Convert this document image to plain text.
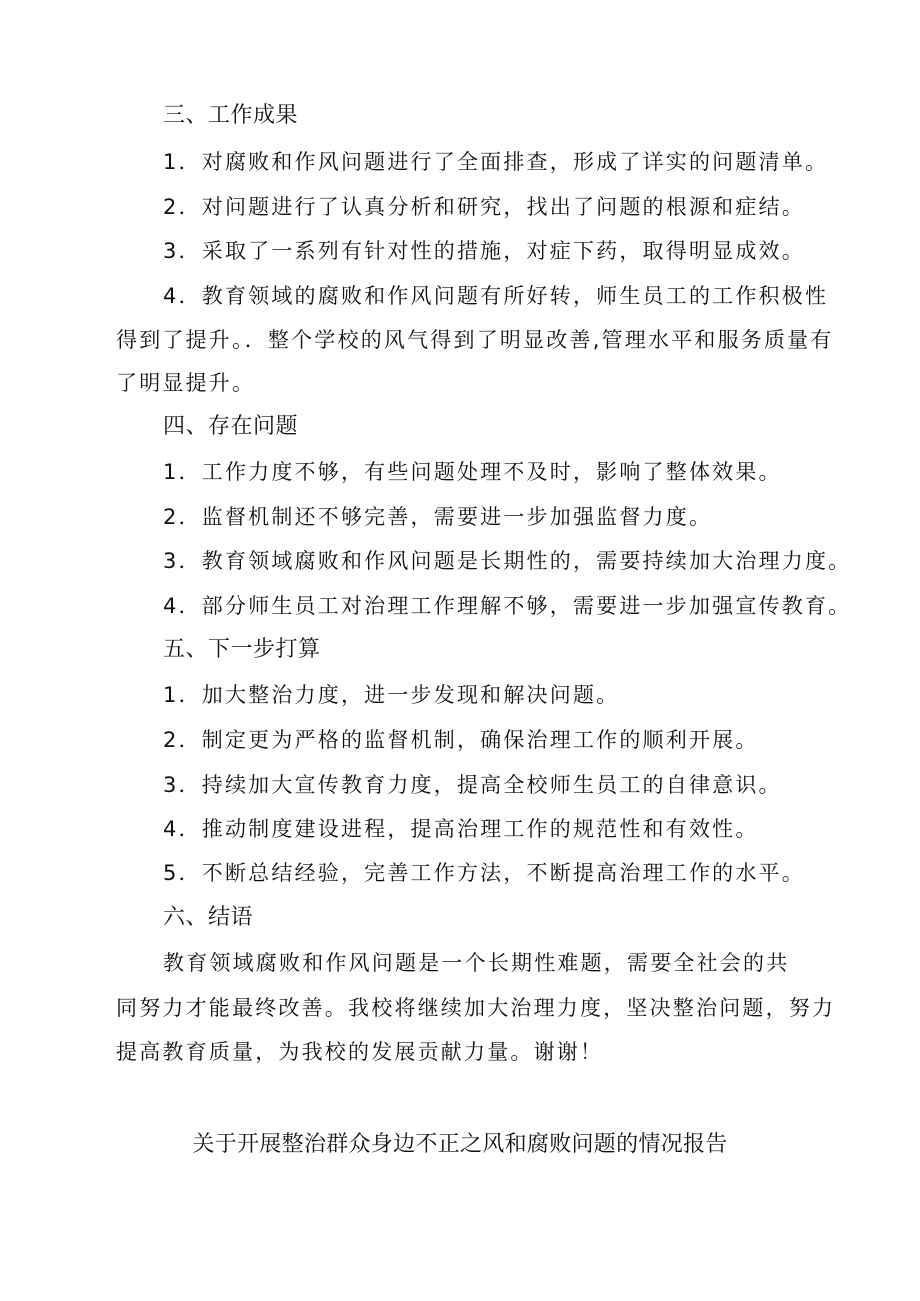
三、工作成果
1．对腐败和作风问题进行了全面排查，形成了详实的问题清单。
2．对问题进行了认真分析和研究，找出了问题的根源和症结。
3．采取了一系列有针对性的措施，对症下药，取得明显成效。
4．教育领域的腐败和作风问题有所好转，师生员工的工作积极性
得到了提升。．整个学校的风气得到了明显改善,管理水平和服务质量有
了明显提升。
四、存在问题
1．工作力度不够，有些问题处理不及时，影响了整体效果。
2．监督机制还不够完善，需要进一步加强监督力度。
3．教育领域腐败和作风问题是长期性的，需要持续加大治理力度。
4．部分师生员工对治理工作理解不够，需要进一步加强宣传教育。
五、下一步打算
1．加大整治力度，进一步发现和解决问题。
2．制定更为严格的监督机制，确保治理工作的顺利开展。
3．持续加大宣传教育力度，提高全校师生员工的自律意识。
4．推动制度建设进程，提高治理工作的规范性和有效性。
5．不断总结经验，完善工作方法，不断提高治理工作的水平。
六、结语
教育领域腐败和作风问题是一个长期性难题，需要全社会的共
同努力才能最终改善。我校将继续加大治理力度，坚决整治问题，努力
提高教育质量，为我校的发展贡献力量。谢谢！
关于开展整治群众身边不正之风和腐败问题的情况报告
